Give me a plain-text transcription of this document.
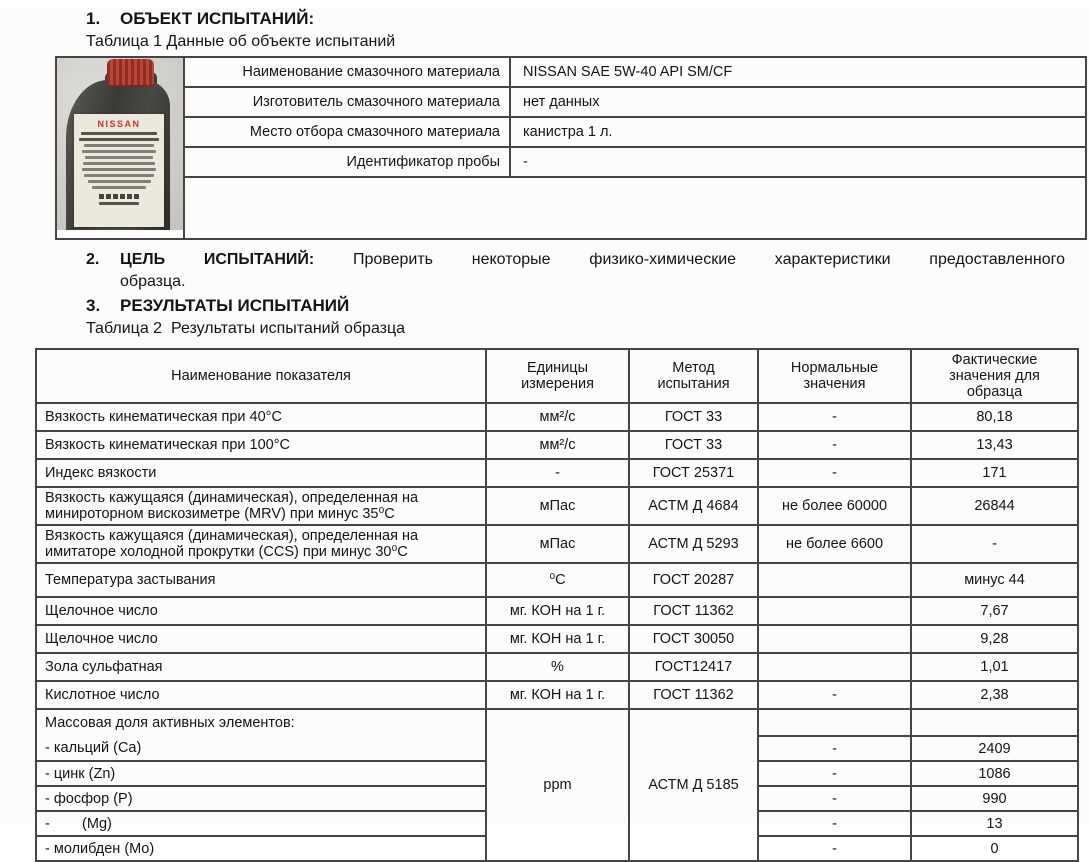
1.	ОБЪЕКТ ИСПЫТАНИЙ:
Таблица 1 Данные об объекте испытаний
NISSAN	Наименование смазочного материала	NISSAN SAE 5W-40 API SM/CF
	Изготовитель смазочного материала	нет данных
	Место отбора смазочного материала	канистра 1 л.
	Идентификатор пробы	-

2.	ЦЕЛЬ ИСПЫТАНИЙ: Проверить некоторые физико-химические характеристики предоставленного
образца.
3.	РЕЗУЛЬТАТЫ ИСПЫТАНИЙ
Таблица 2  Результаты испытаний образца
Наименование показателя	Единицы измерения	Метод испытания	Нормальные значения	Фактические значения для образца
Вязкость кинематическая при 40°С	мм²/с	ГОСТ 33	-	80,18
Вязкость кинематическая при 100°С	мм²/с	ГОСТ 33	-	13,43
Индекс вязкости	-	ГОСТ 25371	-	171
Вязкость кажущаяся (динамическая), определенная на минироторном вискозиметре (MRV) при минус 35⁰С	мПас	АСТМ Д 4684	не более 60000	26844
Вязкость кажущаяся (динамическая), определенная на имитаторе холодной прокрутки (CCS) при минус 30⁰С	мПас	АСТМ Д 5293	не более 6600	-
Температура застывания	⁰С	ГОСТ 20287		минус 44
Щелочное число	мг. КОН на 1 г.	ГОСТ 11362		7,67
Щелочное число	мг. КОН на 1 г.	ГОСТ 30050		9,28
Зола сульфатная	%	ГОСТ12417		1,01
Кислотное число	мг. КОН на 1 г.	ГОСТ 11362	-	2,38
Массовая доля активных элементов:	ppm	АСТМ Д 5185		
- кальций (Ca)			-	2409
- цинк (Zn)			-	1086
- фосфор (P)			-	990
-        (Mg)			-	13
- молибден (Mo)			-	0
